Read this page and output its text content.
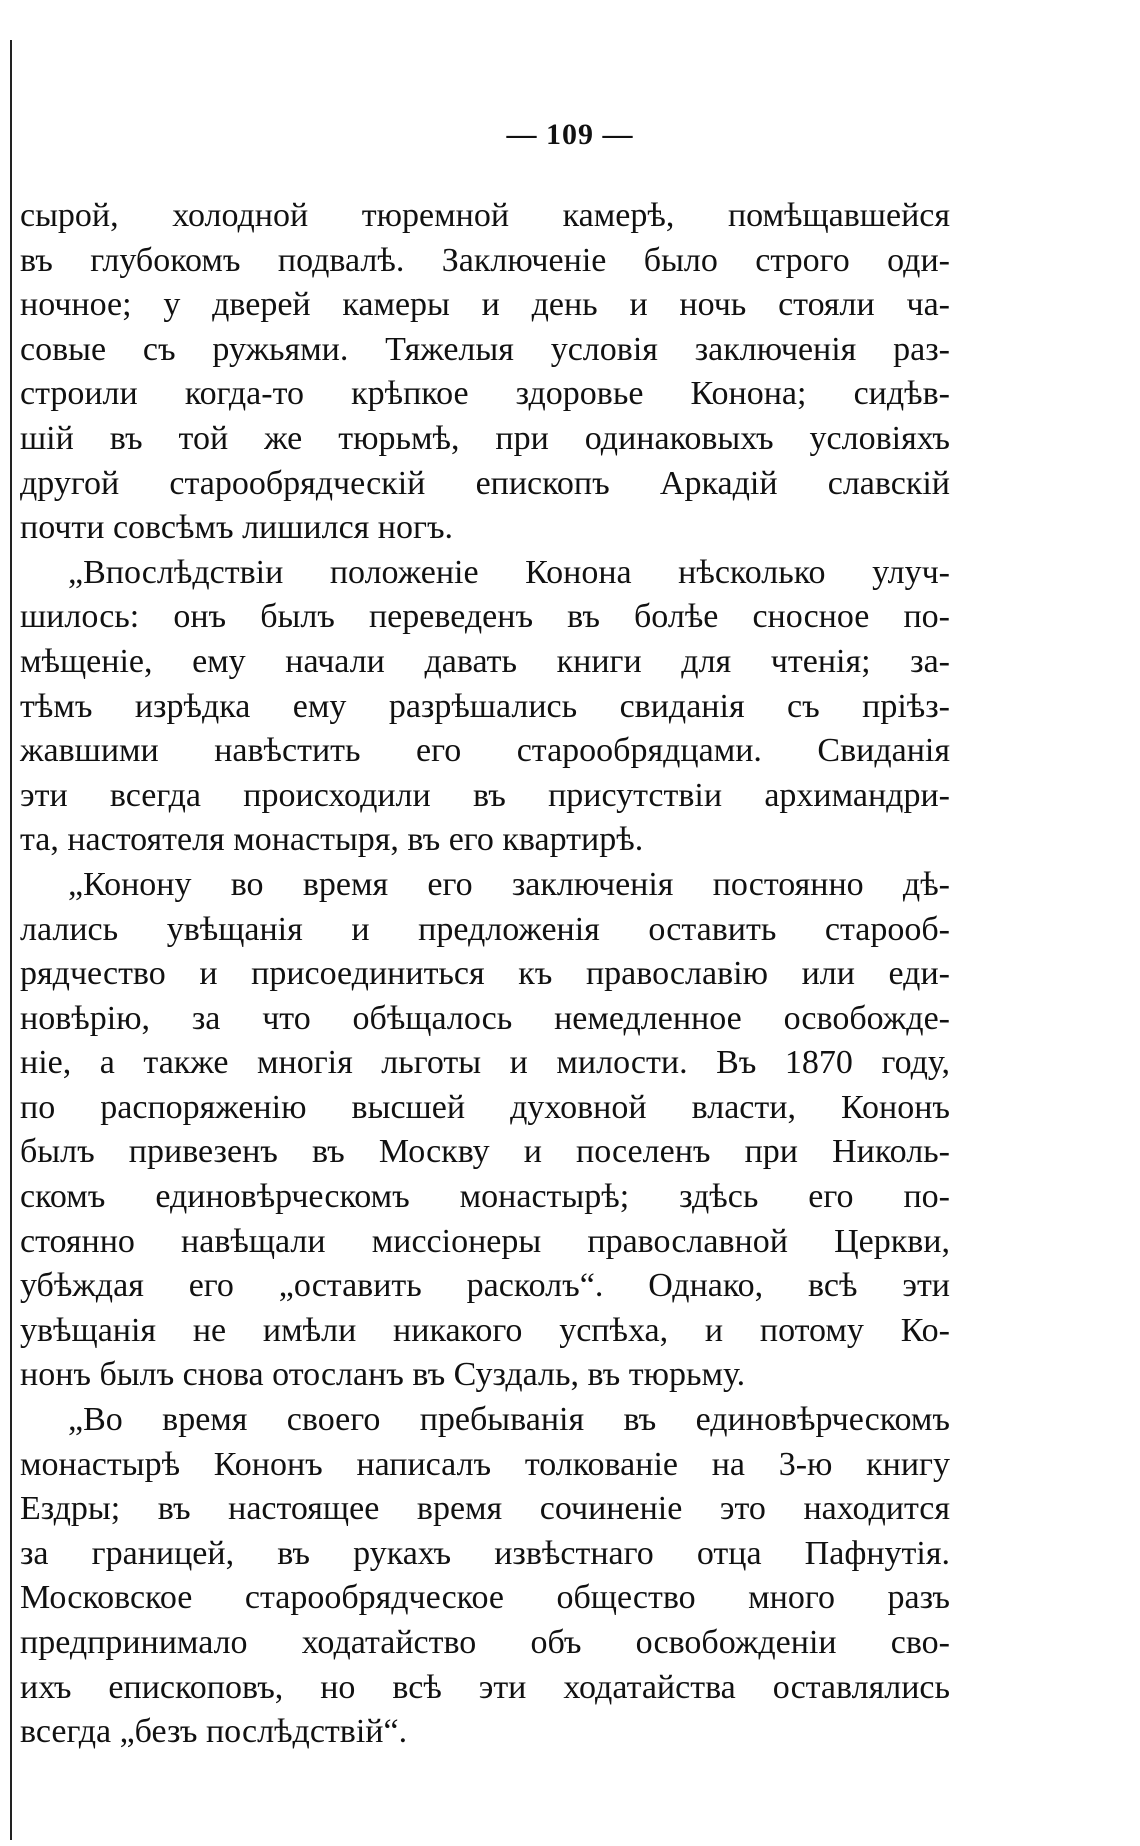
— 109 —
сырой, холодной тюремной камерѣ, помѣщавшейся
въ глубокомъ подвалѣ. Заключеніе было строго оди-
ночное; у дверей камеры и день и ночь стояли ча-
совые съ ружьями. Тяжелыя условія заключенія раз-
строили когда-то крѣпкое здоровье Конона; сидѣв-
шій въ той же тюрьмѣ, при одинаковыхъ условіяхъ
другой старообрядческій епископъ Аркадій славскій
почти совсѣмъ лишился ногъ.
„Впослѣдствіи положеніе Конона нѣсколько улуч-
шилось: онъ былъ переведенъ въ болѣе сносное по-
мѣщеніе, ему начали давать книги для чтенія; за-
тѣмъ изрѣдка ему разрѣшались свиданія съ пріѣз-
жавшими навѣстить его старообрядцами. Свиданія
эти всегда происходили въ присутствіи архимандри-
та, настоятеля монастыря, въ его квартирѣ.
„Конону во время его заключенія постоянно дѣ-
лались увѣщанія и предложенія оставить старооб-
рядчество и присоединиться къ православію или еди-
новѣрію, за что обѣщалось немедленное освобожде-
ніе, а также многія льготы и милости. Въ 1870 году,
по распоряженію высшей духовной власти, Кононъ
былъ привезенъ въ Москву и поселенъ при Николь-
скомъ единовѣрческомъ монастырѣ; здѣсь его по-
стоянно навѣщали миссіонеры православной Церкви,
убѣждая его „оставить расколъ“. Однако, всѣ эти
увѣщанія не имѣли никакого успѣха, и потому Ко-
нонъ былъ снова отосланъ въ Суздаль, въ тюрьму.
„Во время своего пребыванія въ единовѣрческомъ
монастырѣ Кононъ написалъ толкованіе на 3-ю книгу
Ездры; въ настоящее время сочиненіе это находится
за границей, въ рукахъ извѣстнаго отца Пафнутія.
Московское старообрядческое общество много разъ
предпринимало ходатайство объ освобожденіи сво-
ихъ епископовъ, но всѣ эти ходатайства оставлялись
всегда „безъ послѣдствій“.
